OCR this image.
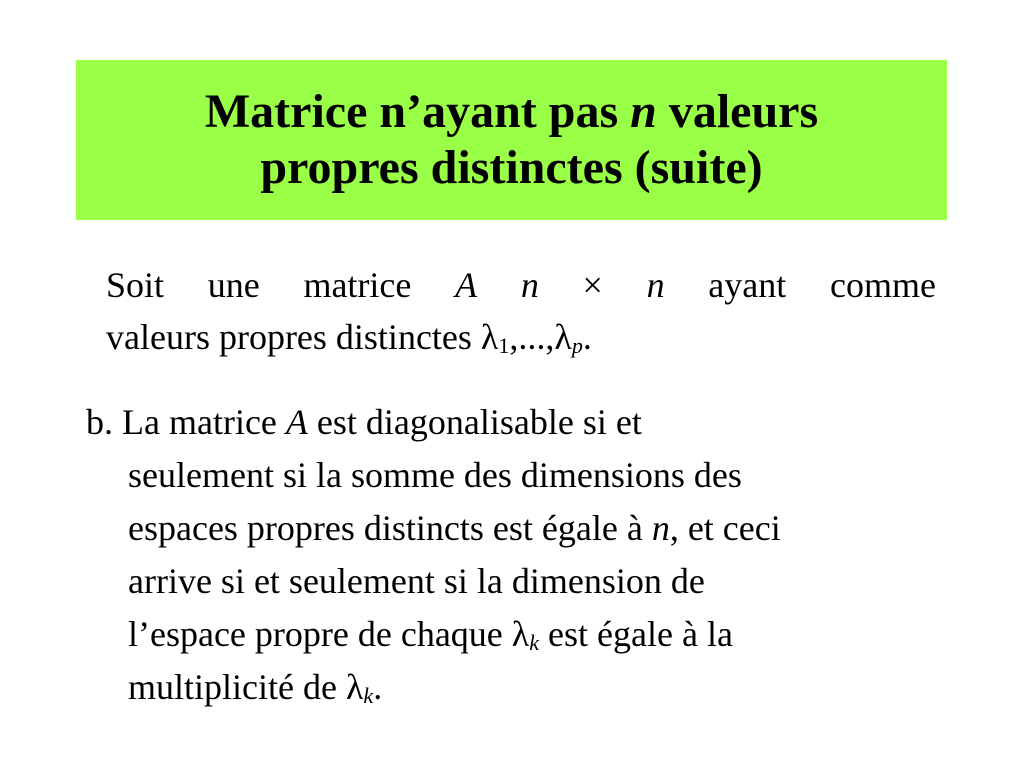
Matrice n’ayant pas n valeurs
propres distinctes (suite)
Soit une matrice A n × n ayant comme
valeurs propres distinctes $\lambda_1,...,\lambda_p$.
b. La matrice A est diagonalisable si et
seulement si la somme des dimensions des
espaces propres distincts est égale à n, et ceci
arrive si et seulement si la dimension de
l’espace propre de chaque $\lambda_k$ est égale à la
multiplicité de $\lambda_k$.
